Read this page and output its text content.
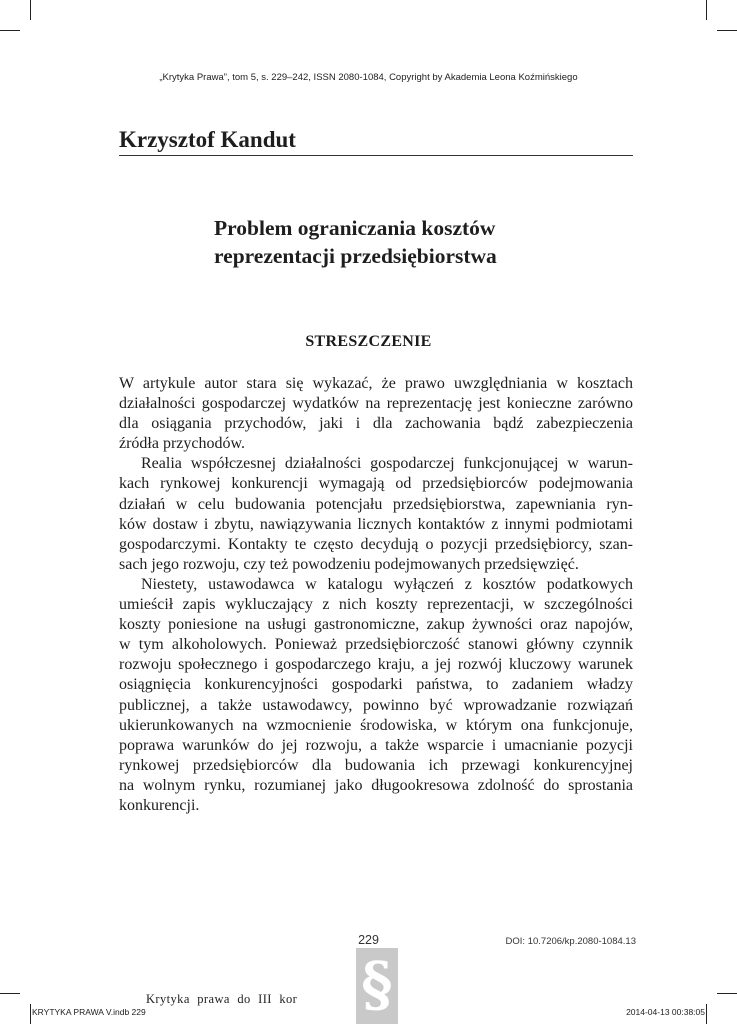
„Krytyka Prawa”, tom 5, s. 229–242, ISSN 2080-1084, Copyright by Akademia Leona Koźmińskiego
Krzysztof Kandut
Problem ograniczania kosztów
reprezentacji przedsiębiorstwa
STRESZCZENIE

W artykule autor stara się wykazać, że prawo uwzględniania w kosztach
działalności gospodarczej wydatków na reprezentację jest konieczne zarówno
dla osiągania przychodów, jaki i dla zachowania bądź zabezpieczenia
źródła przychodów.

Realia współczesnej działalności gospodarczej funkcjonującej w warun-
kach rynkowej konkurencji wymagają od przedsiębiorców podejmowania
działań w celu budowania potencjału przedsiębiorstwa, zapewniania ryn-
ków dostaw i zbytu, nawiązywania licznych kontaktów z innymi podmiotami
gospodarczymi. Kontakty te często decydują o pozycji przedsiębiorcy, szan-
sach jego rozwoju, czy też powodzeniu podejmowanych przedsięwzięć.

Niestety, ustawodawca w katalogu wyłączeń z kosztów podatkowych
umieścił zapis wykluczający z nich koszty reprezentacji, w szczególności
koszty poniesione na usługi gastronomiczne, zakup żywności oraz napojów,
w tym alkoholowych. Ponieważ przedsiębiorczość stanowi główny czynnik
rozwoju społecznego i gospodarczego kraju, a jej rozwój kluczowy warunek
osiągnięcia konkurencyjności gospodarki państwa, to zadaniem władzy
publicznej, a także ustawodawcy, powinno być wprowadzanie rozwiązań
ukierunkowanych na wzmocnienie środowiska, w którym ona funkcjonuje,
poprawa warunków do jej rozwoju, a także wsparcie i umacnianie pozycji
rynkowej przedsiębiorców dla budowania ich przewagi konkurencyjnej
na wolnym rynku, rozumianej jako długookresowa zdolność do sprostania
konkurencji.

229	DOI: 10.7206/kp.2080-1084.13
§
Krytyka prawa do III kor
KRYTYKA PRAWA V.indb 229	2014-04-13 00:38:05
